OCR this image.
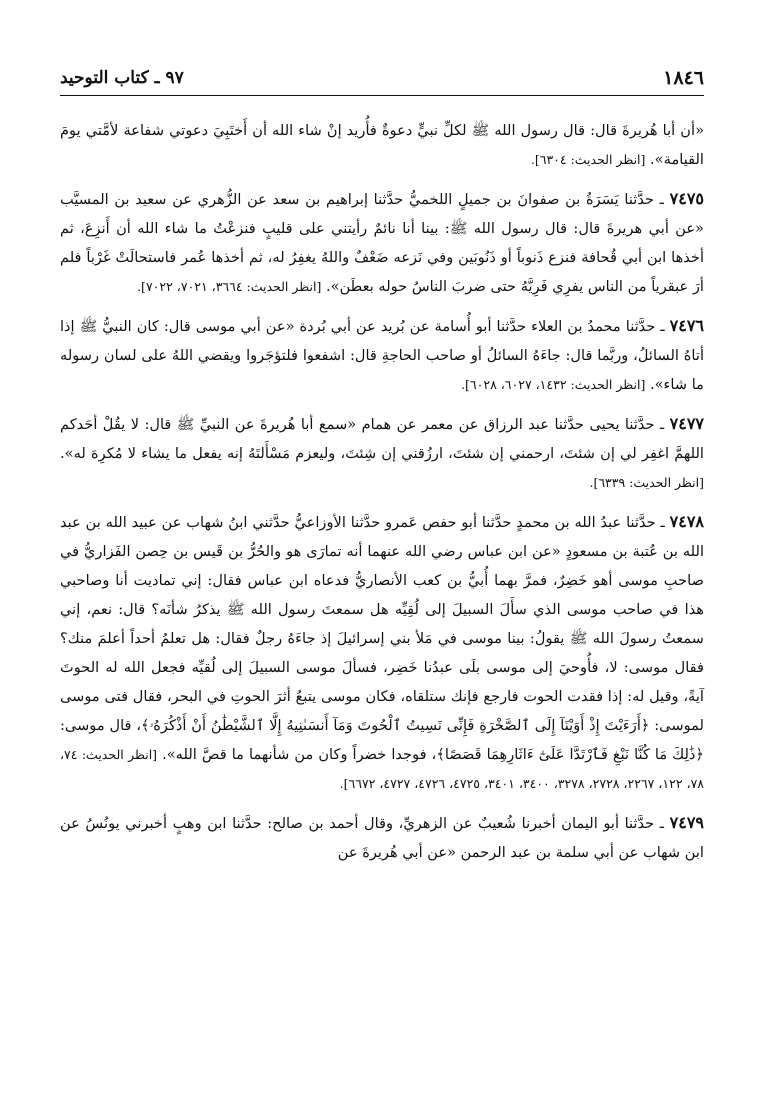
٩٧ ـ كتاب التوحيد	١٨٤٦

«أن أبا هُريرةَ قال: قال رسول الله ﷺ لكلِّ نبيٍّ دعوةٌ فأُريد إنْ شاء الله أن أَختَبِيَ دعوتي شفاعة لأمَّتي يومَ القيامة». [انظر الحديث: ٦٣٠٤].

٧٤٧٥ ـ حدَّثنا يَسَرَةُ بن صفوانَ بن جميلٍ اللخميُّ حدَّثنا إبراهيم بن سعد عن الزُّهري عن سعيد بن المسيَّب «عن أبي هريرةَ قال: قال رسول الله ﷺ: بينا أنا نائمٌ رأيتني على قليبٍ فنزعْتُ ما شاء الله أن أَنزِعَ، ثم أخذها ابن أبي قُحافة فنزع ذَنوباً أو ذَنُوبَين وفي نَزعه ضَعْفٌ واللهُ يغفِرُ له، ثم أخذها عُمر فاستحالَتْ غَرْباً فلم أرَ عبقرياً من الناس يفرِي فَرِيَّهُ حتى ضربَ الناسُ حوله بعطَن». [انظر الحديث: ٣٦٦٤، ٧٠٢١، ٧٠٢٢].

٧٤٧٦ ـ حدَّثنا محمدُ بن العلاء حدَّثنا أبو أُسامة عن بُريد عن أبي بُردة «عن أبي موسى قال: كان النبيُّ ﷺ إذا أتاهُ السائلُ، وربَّما قال: جاءَهُ السائلُ أو صاحب الحاجةِ قال: اشفعوا فلتؤجَروا ويقضي اللهُ على لسان رسوله ما شاء». [انظر الحديث: ١٤٣٢، ٦٠٢٧، ٦٠٢٨].

٧٤٧٧ ـ حدَّثنا يحيى حدَّثنا عبد الرزاق عن معمر عن همام «سمع أبا هُريرةَ عن النبيِّ ﷺ قال: لا يقُلْ أحَدكم اللهمَّ اغفِر لي إن شئتَ، ارحمني إن شئتَ، ارزُقني إن شِئتَ، وليعزم مَسْأَلتَهُ إنه يفعل ما يشاء لا مُكرِهَ له». [انظر الحديث: ٦٣٣٩].

٧٤٧٨ ـ حدَّثنا عبدُ الله بن محمدٍ حدَّثنا أبو حفص عَمرو حدَّثنا الأوزاعيُّ حدَّثني ابنُ شهاب عن عبيد الله بن عبد الله بن عُتبة بن مسعودٍ «عن ابن عباس رضي الله عنهما أنه تمارَى هو والحُرُّ بن قَيس بن حِصن الفَزاريُّ في صاحبِ موسى أهو خَضِرٌ، فمرَّ بهما أُبيُّ بن كعب الأنصاريُّ فدعاه ابن عباس فقال: إني تماديت أنا وصاحبي هذا في صاحب موسى الذي سأَلَ السبيلَ إلى لُقِيِّه هل سمعتَ رسول الله ﷺ يذكرُ شأنَه؟ قال: نعم، إني سمعتُ رسولَ الله ﷺ يقولُ: بينا موسى في مَلأ بني إسرائيلَ إذ جاءَهُ رجلٌ فقال: هل تعلمُ أحداً أعلمَ منك؟ فقال موسى: لا، فأُوحيَ إلى موسى بلَى عبدُنا خَضِر، فسألَ موسى السبيلَ إلى لُقيِّه فجعل الله له الحوتَ آيةً، وقيل له: إذا فقدت الحوت فارجع فإنك ستلقاه، فكان موسى يتبعُ أثرَ الحوتِ في البحر، فقال فتى موسى لموسى: ﴿أَرَءَيْتَ إِذْ أَوَيْنَآ إِلَى ٱلصَّخْرَةِ فَإِنِّى نَسِيتُ ٱلْحُوتَ وَمَآ أَنسَىٰنِيهُ إِلَّا ٱلشَّيْطَٰنُ أَنْ أَذْكُرَهُۥ﴾، قال موسى: ﴿ذَٰلِكَ مَا كُنَّا نَبْغِ فَٱرْتَدَّا عَلَىٰٓ ءَاثَارِهِمَا قَصَصًا﴾، فوجدا خضراً وكان من شأنهما ما قصَّ الله». [انظر الحديث: ٧٤، ٧٨، ١٢٢، ٢٢٦٧، ٢٧٢٨، ٣٢٧٨، ٣٤٠٠، ٣٤٠١، ٤٧٢٥، ٤٧٢٦، ٤٧٢٧، ٦٦٧٢].

٧٤٧٩ ـ حدَّثنا أبو اليمان أخبرنا شُعيبٌ عن الزهريِّ، وقال أحمد بن صالح: حدَّثنا ابن وهبٍ أخبرني يونُسُ عن ابن شهاب عن أبي سلمة بن عبد الرحمن «عن أبي هُريرةَ عن
